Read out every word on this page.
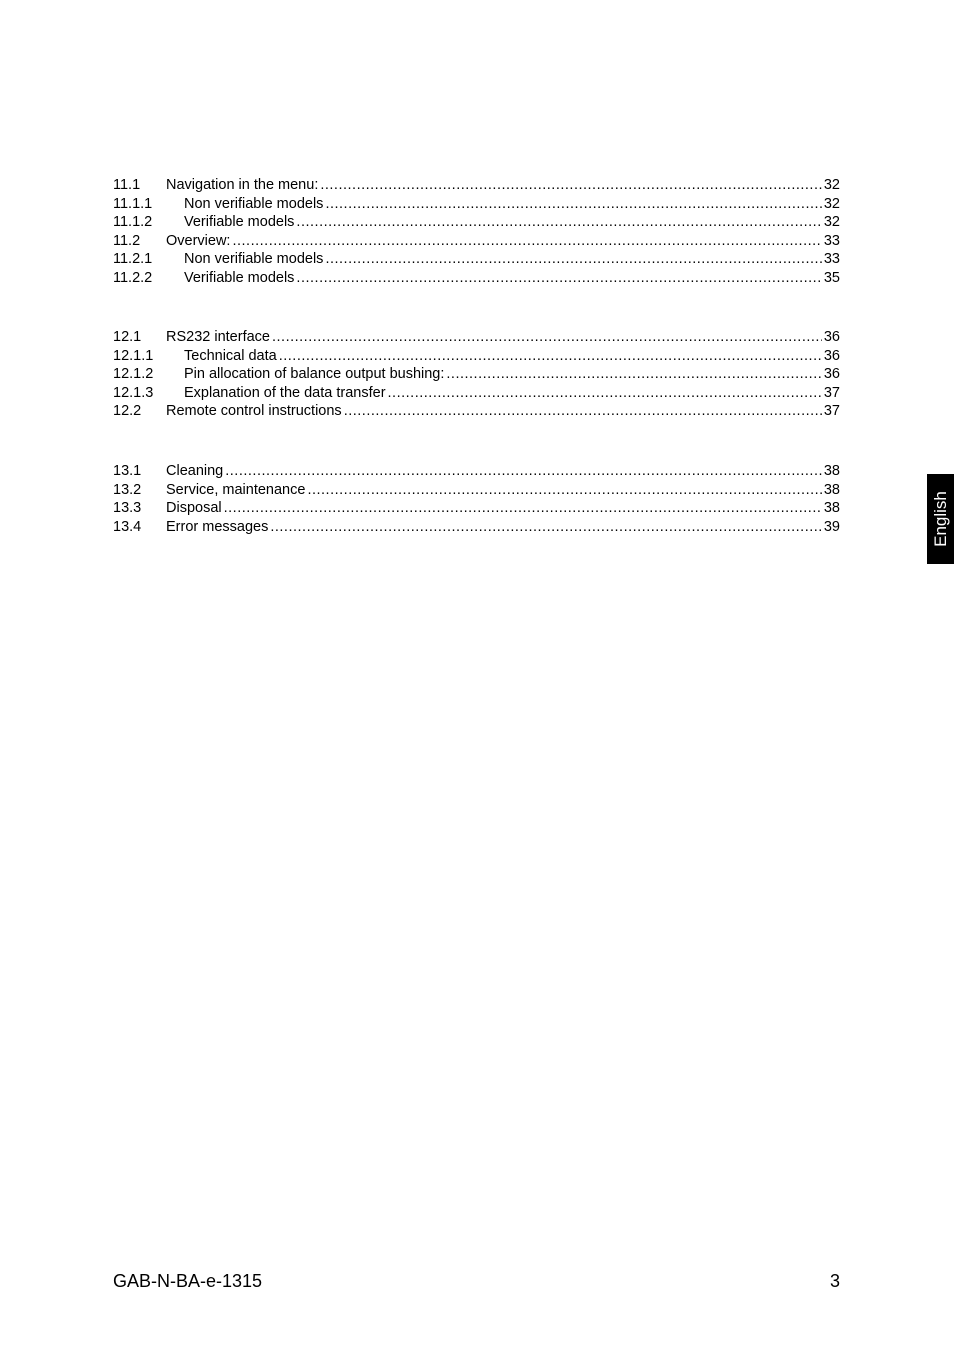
11.1	Navigation in the menu: .....	32
11.1.1	Non verifiable models .....	32
11.1.2	Verifiable models .....	32
11.2	Overview: .....	33
11.2.1	Non verifiable models .....	33
11.2.2	Verifiable models .....	35
12.1	RS232 interface .....	36
12.1.1	Technical data .....	36
12.1.2	Pin allocation of balance output bushing: .....	36
12.1.3	Explanation of the data transfer .....	37
12.2	Remote control instructions .....	37
13.1	Cleaning .....	38
13.2	Service, maintenance .....	38
13.3	Disposal .....	38
13.4	Error messages .....	39	English
GAB-N-BA-e-1315	3
